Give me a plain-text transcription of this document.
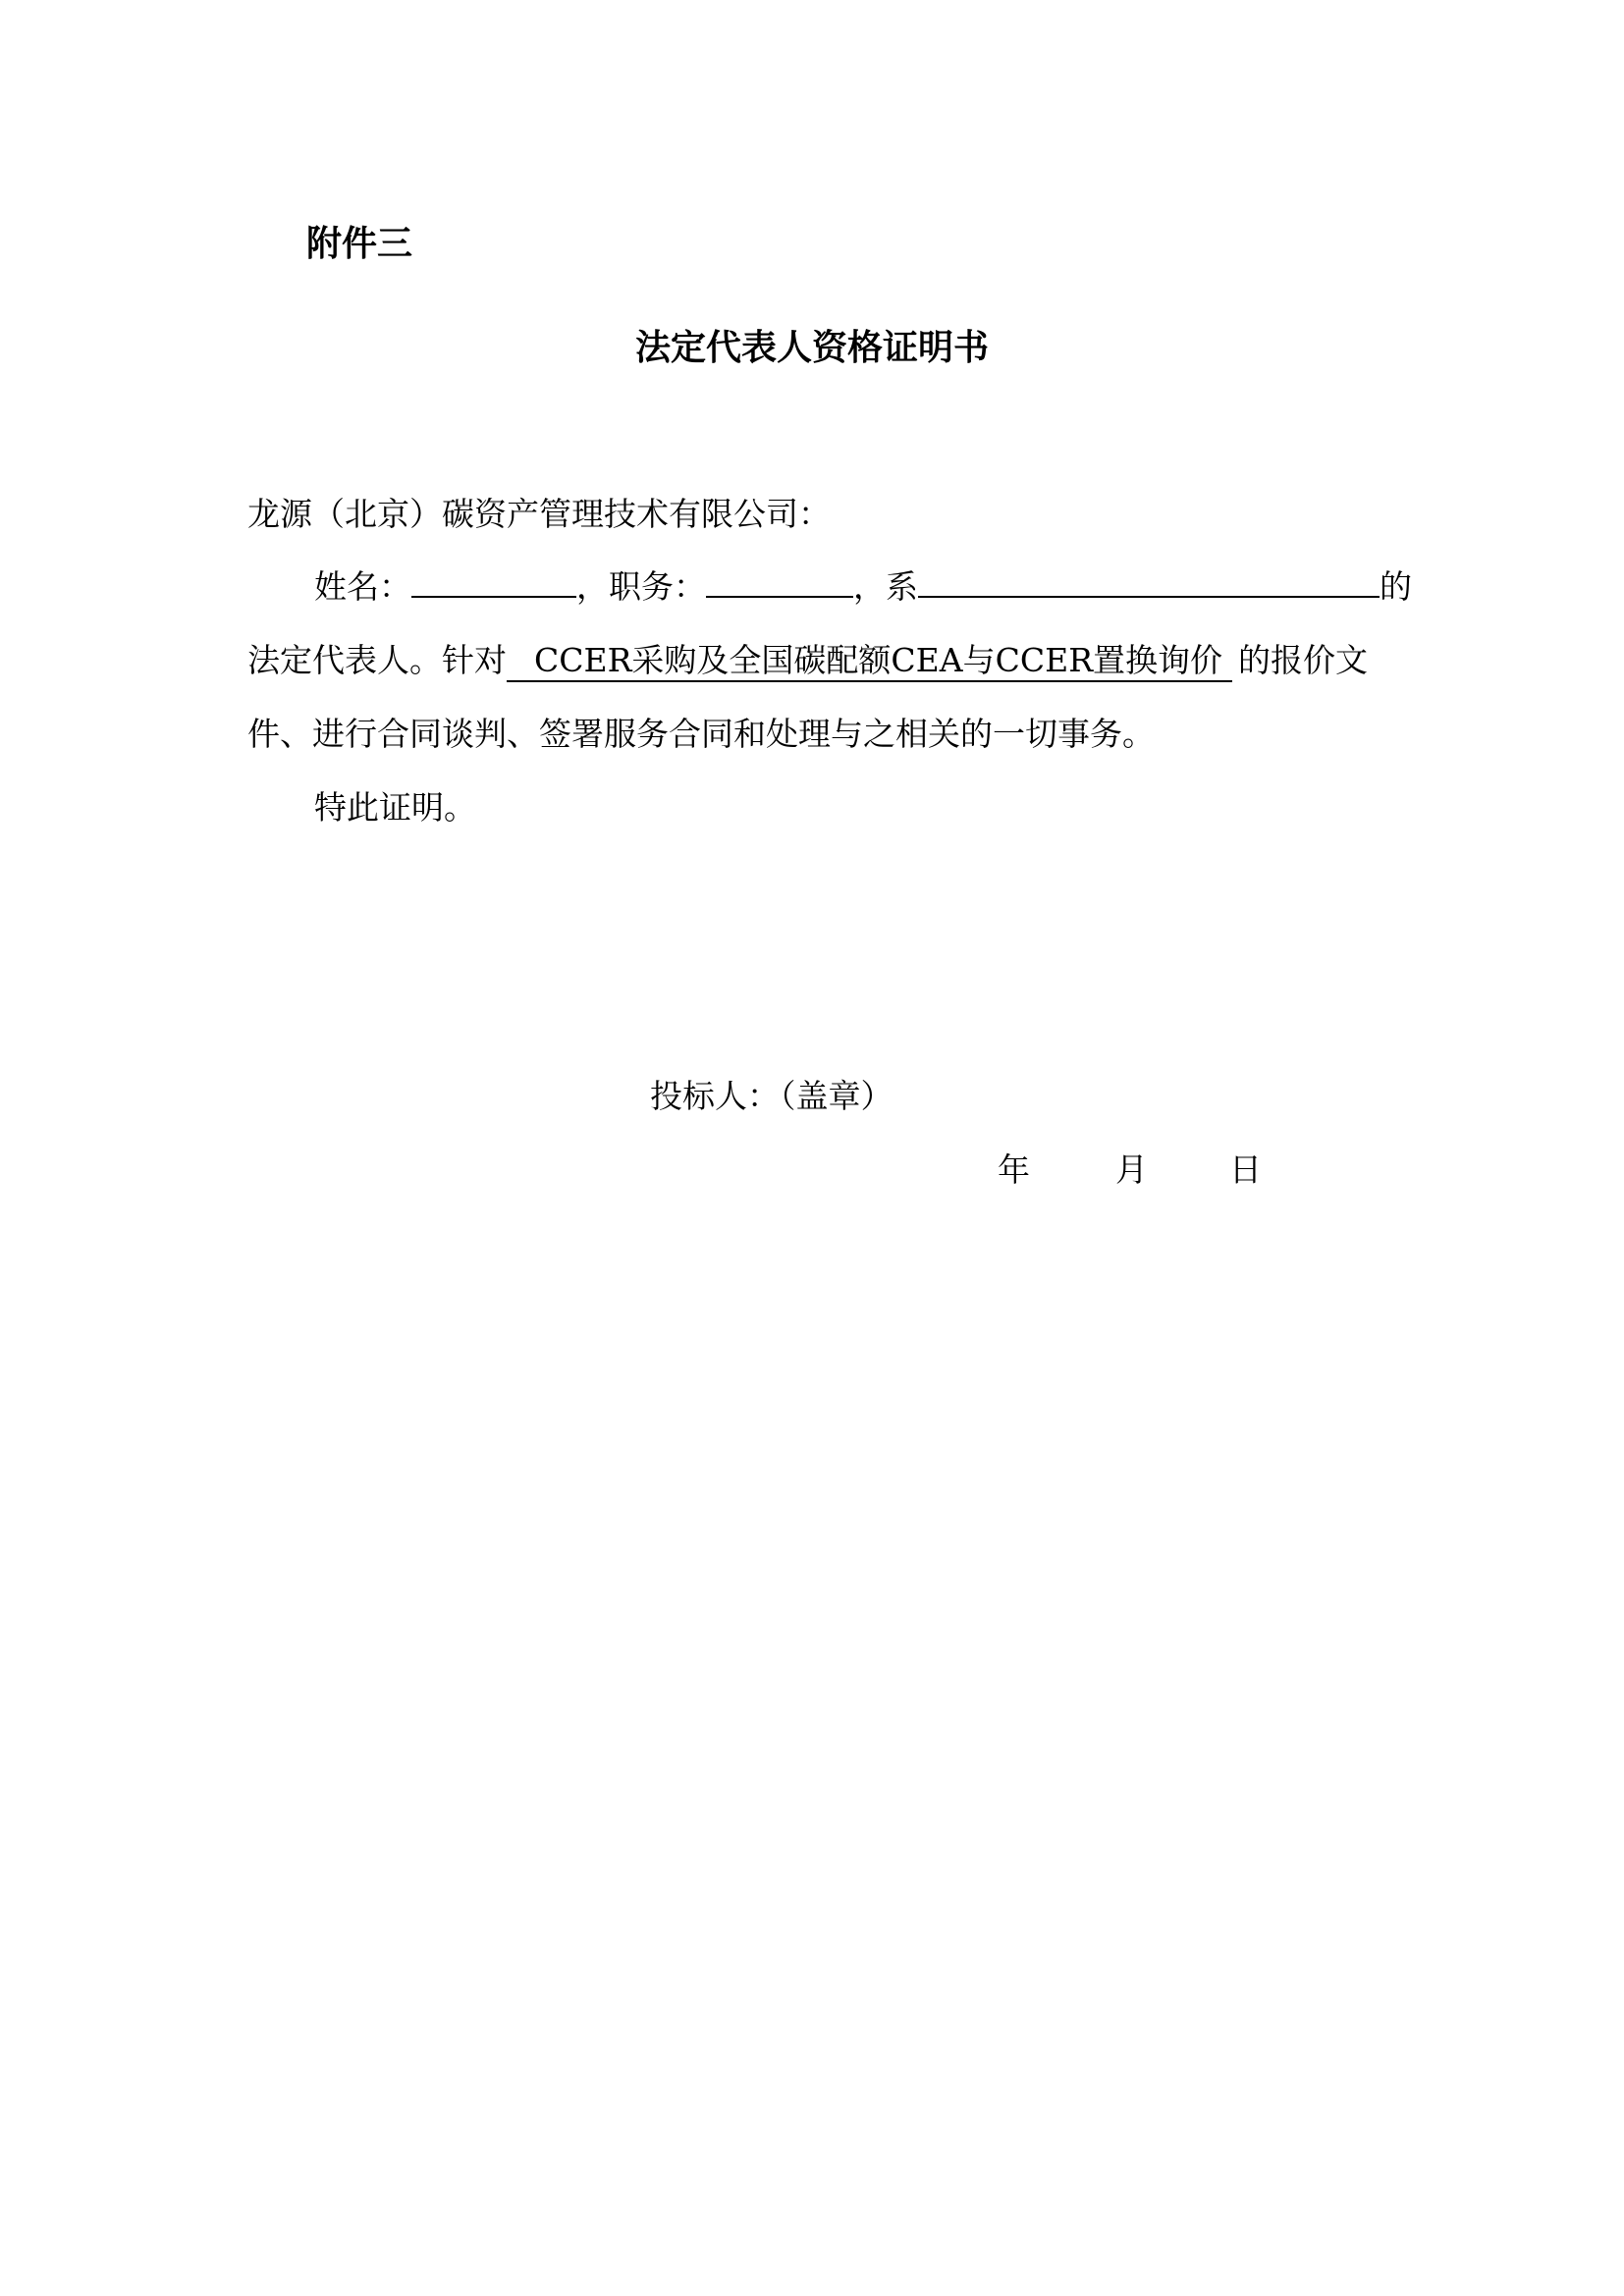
附件三
法定代表人资格证明书
龙源（北京）碳资产管理技术有限公司：
姓名：	，职务：	，系	的
法定代表人。针对 CCER采购及全国碳配额CEA与CCER置换询价 的报价文
件、进行合同谈判、签署服务合同和处理与之相关的一切事务。
特此证明。
投标人：（盖章）
年	月	日
